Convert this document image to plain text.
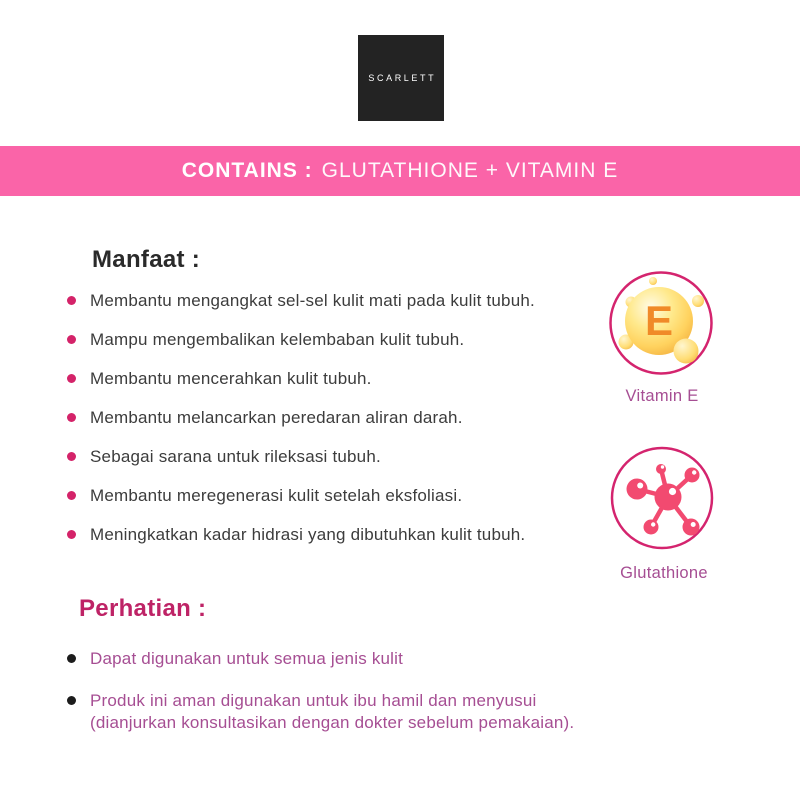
SCARLETT
CONTAINS : GLUTATHIONE + VITAMIN E
Manfaat :
Membantu mengangkat sel-sel kulit mati pada kulit tubuh.
Mampu mengembalikan kelembaban kulit tubuh.
Membantu mencerahkan kulit tubuh.
Membantu melancarkan peredaran aliran darah.
Sebagai sarana untuk rileksasi tubuh.
Membantu meregenerasi kulit setelah eksfoliasi.
Meningkatkan kadar hidrasi yang dibutuhkan kulit tubuh.
E
Vitamin E
Glutathione
Perhatian :
Dapat digunakan untuk semua jenis kulit
Produk ini aman digunakan untuk ibu hamil dan menyusui (dianjurkan konsultasikan dengan dokter sebelum pemakaian).
